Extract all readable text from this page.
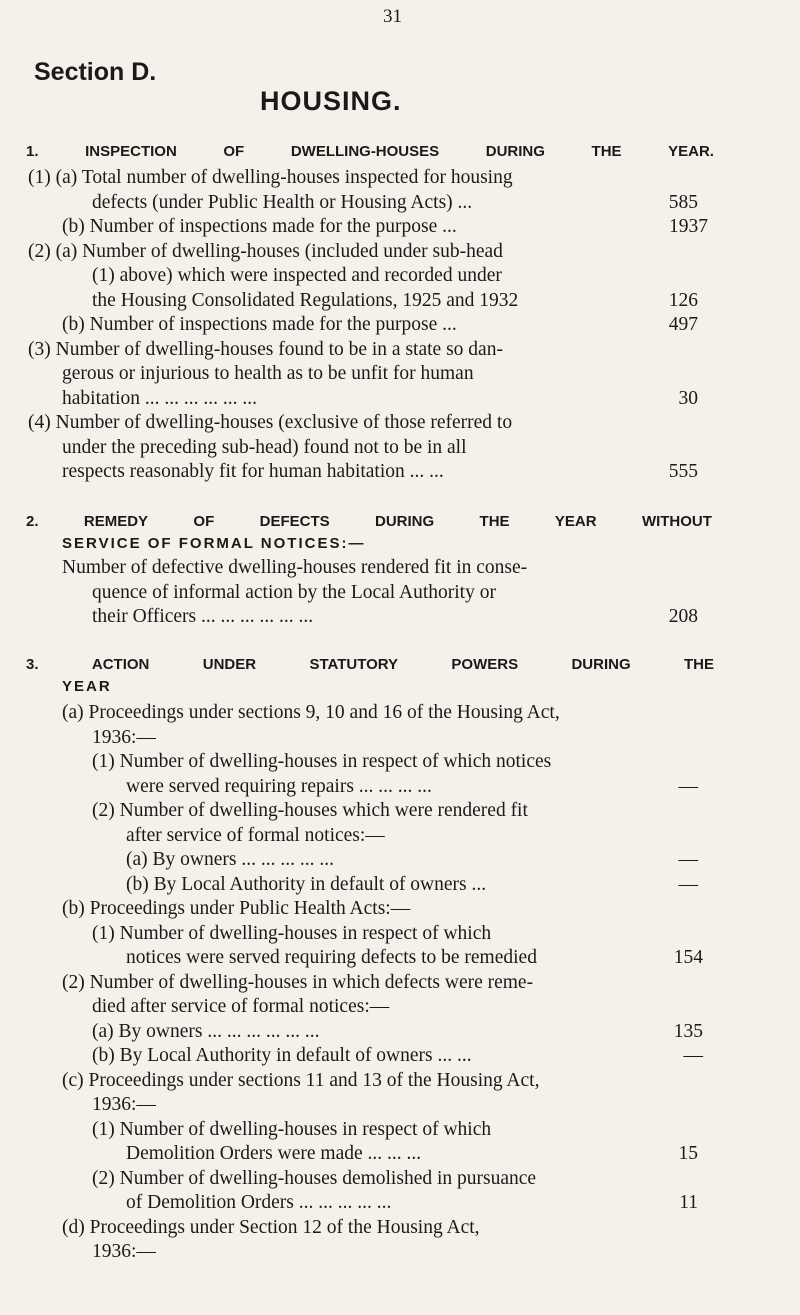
31
Section D.
HOUSING.
1.	INSPECTION	OF	DWELLING-HOUSES	DURING	THE	YEAR.
(1) (a) Total number of dwelling-houses inspected for housing
defects (under Public Health or Housing Acts) ...	585
(b) Number of inspections made for the purpose ...	1937
(2) (a) Number of dwelling-houses (included under sub-head
(1) above) which were inspected and recorded under
the Housing Consolidated Regulations, 1925 and 1932	126
(b) Number of inspections made for the purpose ...	497
(3) Number of dwelling-houses found to be in a state so dan-
gerous or injurious to health as to be unfit for human
habitation ... ... ... ... ... ...	30
(4) Number of dwelling-houses (exclusive of those referred to
under the preceding sub-head) found not to be in all
respects reasonably fit for human habitation ... ...	555
2.	REMEDY	OF	DEFECTS	DURING	THE	YEAR	WITHOUT
SERVICE OF FORMAL NOTICES:—
Number of defective dwelling-houses rendered fit in conse-
quence of informal action by the Local Authority or
their Officers ... ... ... ... ... ...	208
3.	ACTION	UNDER	STATUTORY	POWERS	DURING	THE
YEAR
(a) Proceedings under sections 9, 10 and 16 of the Housing Act,
1936:—
(1) Number of dwelling-houses in respect of which notices
were served requiring repairs ... ... ... ...	—
(2) Number of dwelling-houses which were rendered fit
after service of formal notices:—
(a) By owners ... ... ... ... ...	—
(b) By Local Authority in default of owners ...	—
(b) Proceedings under Public Health Acts:—
(1) Number of dwelling-houses in respect of which
notices were served requiring defects to be remedied	154
(2) Number of dwelling-houses in which defects were reme-
died after service of formal notices:—
(a) By owners ... ... ... ... ... ...	135
(b) By Local Authority in default of owners ... ...	—
(c) Proceedings under sections 11 and 13 of the Housing Act,
1936:—
(1) Number of dwelling-houses in respect of which
Demolition Orders were made ... ... ...	15
(2) Number of dwelling-houses demolished in pursuance
of Demolition Orders ... ... ... ... ...	11
(d) Proceedings under Section 12 of the Housing Act,
1936:—
